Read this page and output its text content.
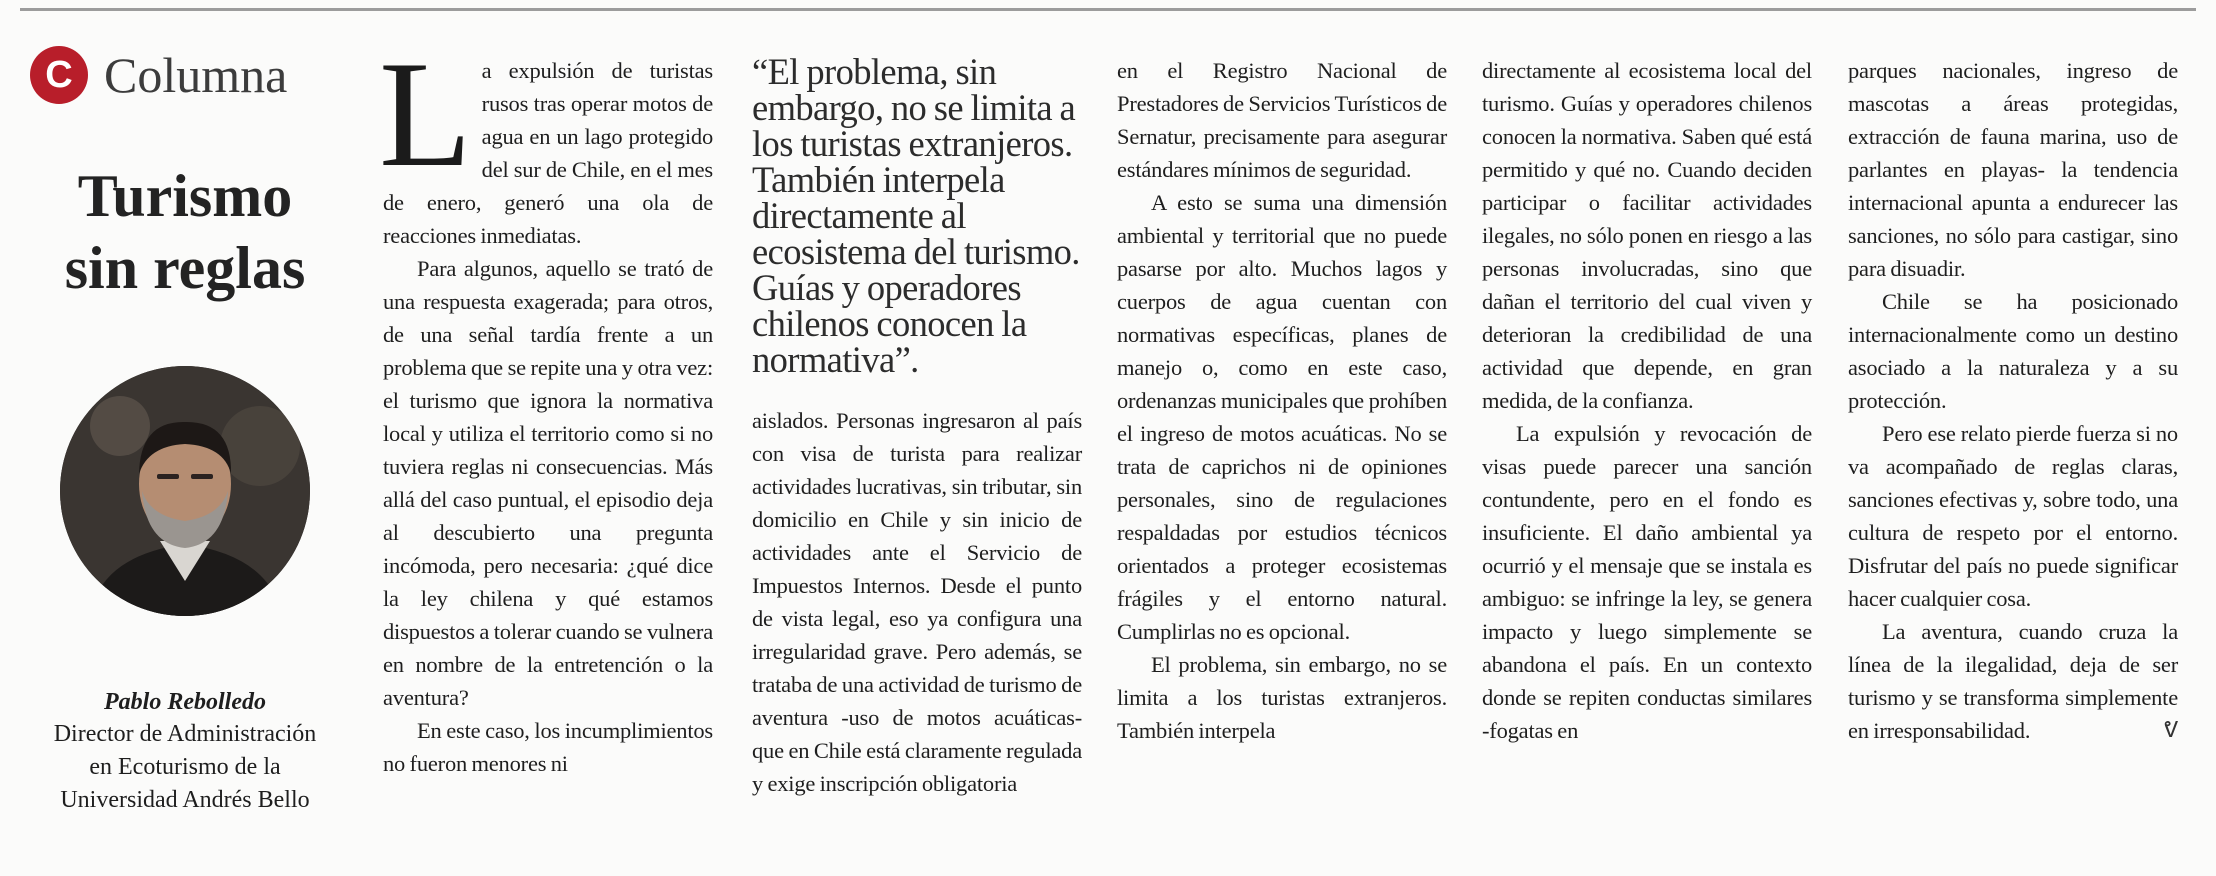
C Columna
Turismo
sin reglas
Pablo Rebolledo
Director de Administración
en Ecoturismo de la
Universidad Andrés Bello

La expulsión de turistas rusos tras operar motos de agua en un lago protegido del sur de Chile, en el mes de enero, generó una ola de reacciones inmediatas.

Para algunos, aquello se trató de una respuesta exagerada; para otros, de una señal tardía frente a un problema que se repite una y otra vez: el turismo que ignora la normativa local y utiliza el territorio como si no tuviera reglas ni consecuencias. Más allá del caso puntual, el episodio deja al descubierto una pregunta incómoda, pero necesaria: ¿qué dice la ley chilena y qué estamos dispuestos a tolerar cuando se vulnera en nombre de la entretención o la aventura?

En este caso, los incumplimientos no fueron menores ni

“El problema, sin embargo, no se limita a los turistas extranjeros. También interpela directamente al ecosistema del turismo. Guías y operadores chilenos conocen la normativa”.

aislados. Personas ingresaron al país con visa de turista para realizar actividades lucrativas, sin tributar, sin domicilio en Chile y sin inicio de actividades ante el Servicio de Impuestos Internos. Desde el punto de vista legal, eso ya configura una irregularidad grave. Pero además, se trataba de una actividad de turismo de aventura -uso de motos acuáticas- que en Chile está claramente regulada y exige inscripción obligatoria

en el Registro Nacional de Prestadores de Servicios Turísticos de Sernatur, precisamente para asegurar estándares mínimos de seguridad.

A esto se suma una dimensión ambiental y territorial que no puede pasarse por alto. Muchos lagos y cuerpos de agua cuentan con normativas específicas, planes de manejo o, como en este caso, ordenanzas municipales que prohíben el ingreso de motos acuáticas. No se trata de caprichos ni de opiniones personales, sino de regulaciones respaldadas por estudios técnicos orientados a proteger ecosistemas frágiles y el entorno natural. Cumplirlas no es opcional.

El problema, sin embargo, no se limita a los turistas extranjeros. También interpela

directamente al ecosistema local del turismo. Guías y operadores chilenos conocen la normativa. Saben qué está permitido y qué no. Cuando deciden participar o facilitar actividades ilegales, no sólo ponen en riesgo a las personas involucradas, sino que dañan el territorio del cual viven y deterioran la credibilidad de una actividad que depende, en gran medida, de la confianza.

La expulsión y revocación de visas puede parecer una sanción contundente, pero en el fondo es insuficiente. El daño ambiental ya ocurrió y el mensaje que se instala es ambiguo: se infringe la ley, se genera impacto y luego simplemente se abandona el país. En un contexto donde se repiten conductas similares -fogatas en

parques nacionales, ingreso de mascotas a áreas protegidas, extracción de fauna marina, uso de parlantes en playas- la tendencia internacional apunta a endurecer las sanciones, no sólo para castigar, sino para disuadir.

Chile se ha posicionado internacionalmente como un destino asociado a la naturaleza y a su protección.

Pero ese relato pierde fuerza si no va acompañado de reglas claras, sanciones efectivas y, sobre todo, una cultura de respeto por el entorno. Disfrutar del país no puede significar hacer cualquier cosa.

La aventura, cuando cruza la línea de la ilegalidad, deja de ser turismo y se transforma simplemente en irresponsabilidad.	ᕓ
